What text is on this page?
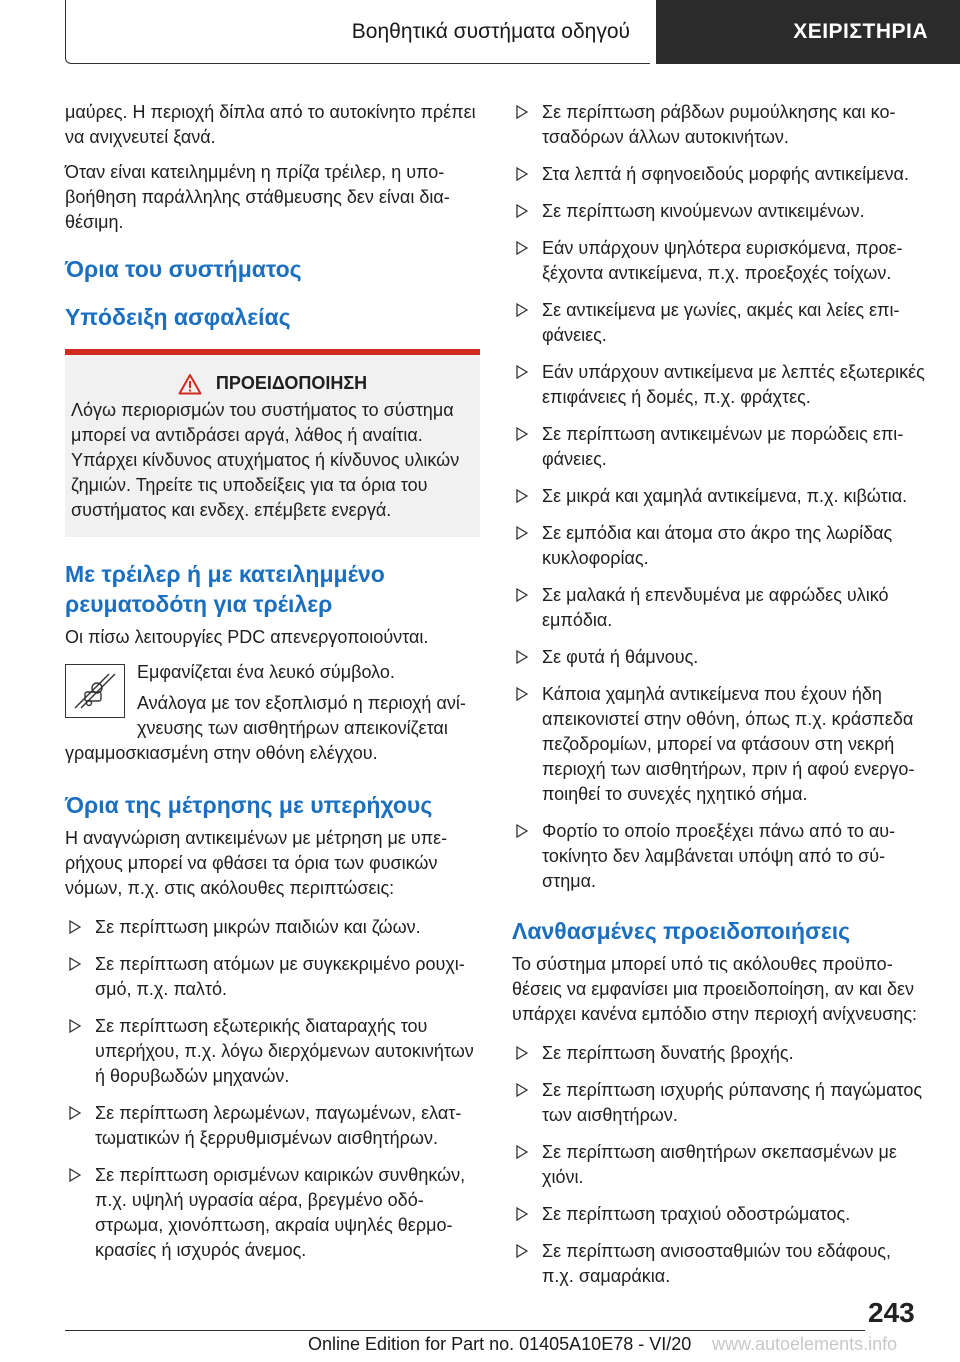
Βοηθητικά συστήματα οδηγού	ΧΕΙΡΙΣΤΗΡΙΑ

μαύρες. Η περιοχή δίπλα από το αυτοκίνητο πρέπει να ανιχνευτεί ξανά.

Όταν είναι κατειλημμένη η πρίζα τρέιλερ, η υποβοήθηση παράλληλης στάθμευσης δεν είναι διαθέσιμη.

Όρια του συστήματος
Υπόδειξη ασφαλείας
ΠΡΟΕΙΔΟΠΟΙΗΣΗ
Λόγω περιορισμών του συστήματος το σύστημα μπορεί να αντιδράσει αργά, λάθος ή αναίτια. Υπάρχει κίνδυνος ατυχήματος ή κίνδυνος υλικών ζημιών. Τηρείτε τις υποδείξεις για τα όρια του συστήματος και ενδεχ. επέμβετε ενεργά.
Με τρέιλερ ή με κατειλημμένο ρευματοδότη για τρέιλερ

Οι πίσω λειτουργίες PDC απενεργοποιούνται.

Εμφανίζεται ένα λευκό σύμβολο.

Ανάλογα με τον εξοπλισμό η περιοχή ανίχνευσης των αισθητήρων απεικονίζεται γραμμοσκιασμένη στην οθόνη ελέγχου.

Όρια της μέτρησης με υπερήχους

Η αναγνώριση αντικειμένων με μέτρηση με υπερήχους μπορεί να φθάσει τα όρια των φυσικών νόμων, π.χ. στις ακόλουθες περιπτώσεις:

Σε περίπτωση μικρών παιδιών και ζώων.
Σε περίπτωση ατόμων με συγκεκριμένο ρουχισμό, π.χ. παλτό.
Σε περίπτωση εξωτερικής διαταραχής του υπερήχου, π.χ. λόγω διερχόμενων αυτοκινήτων ή θορυβωδών μηχανών.
Σε περίπτωση λερωμένων, παγωμένων, ελαττωματικών ή ξερρυθμισμένων αισθητήρων.
Σε περίπτωση ορισμένων καιρικών συνθηκών, π.χ. υψηλή υγρασία αέρα, βρεγμένο οδόστρωμα, χιονόπτωση, ακραία υψηλές θερμοκρασίες ή ισχυρός άνεμος.
Σε περίπτωση ράβδων ρυμούλκησης και κοτσαδόρων άλλων αυτοκινήτων.
Στα λεπτά ή σφηνοειδούς μορφής αντικείμενα.
Σε περίπτωση κινούμενων αντικειμένων.
Εάν υπάρχουν ψηλότερα ευρισκόμενα, προεξέχοντα αντικείμενα, π.χ. προεξοχές τοίχων.
Σε αντικείμενα με γωνίες, ακμές και λείες επιφάνειες.
Εάν υπάρχουν αντικείμενα με λεπτές εξωτερικές επιφάνειες ή δομές, π.χ. φράχτες.
Σε περίπτωση αντικειμένων με πορώδεις επιφάνειες.
Σε μικρά και χαμηλά αντικείμενα, π.χ. κιβώτια.
Σε εμπόδια και άτομα στο άκρο της λωρίδας κυκλοφορίας.
Σε μαλακά ή επενδυμένα με αφρώδες υλικό εμπόδια.
Σε φυτά ή θάμνους.
Κάποια χαμηλά αντικείμενα που έχουν ήδη απεικονιστεί στην οθόνη, όπως π.χ. κράσπεδα πεζοδρομίων, μπορεί να φτάσουν στη νεκρή περιοχή των αισθητήρων, πριν ή αφού ενεργοποιηθεί το συνεχές ηχητικό σήμα.
Φορτίο το οποίο προεξέχει πάνω από το αυτοκίνητο δεν λαμβάνεται υπόψη από το σύστημα.
Λανθασμένες προειδοποιήσεις

Το σύστημα μπορεί υπό τις ακόλουθες προϋποθέσεις να εμφανίσει μια προειδοποίηση, αν και δεν υπάρχει κανένα εμπόδιο στην περιοχή ανίχνευσης:

Σε περίπτωση δυνατής βροχής.
Σε περίπτωση ισχυρής ρύπανσης ή παγώματος των αισθητήρων.
Σε περίπτωση αισθητήρων σκεπασμένων με χιόνι.
Σε περίπτωση τραχιού οδοστρώματος.
Σε περίπτωση ανισοσταθμιών του εδάφους, π.χ. σαμαράκια.
243
Online Edition for Part no. 01405A10E78 - VI/20 www.autoelements.info
